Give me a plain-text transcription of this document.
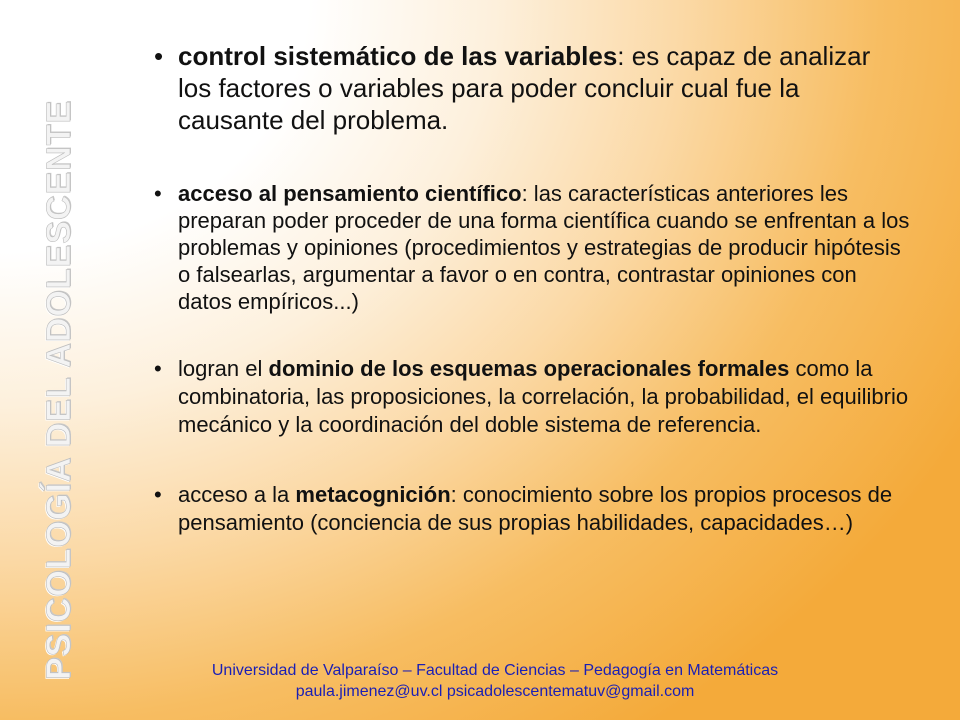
PSICOLOGÍA DEL ADOLESCENTE
• control sistemático de las variables: es capaz de analizar los factores o variables para poder concluir cual fue la causante del problema.
• acceso al pensamiento científico: las características anteriores les preparan poder proceder de una forma científica cuando se enfrentan a los problemas y opiniones (procedimientos y estrategias de producir hipótesis o falsearlas, argumentar a favor o en contra, contrastar opiniones con datos empíricos...)
• logran el dominio de los esquemas operacionales formales como la combinatoria, las proposiciones, la correlación, la probabilidad, el equilibrio mecánico y la coordinación del doble sistema de referencia.
• acceso a la metacognición: conocimiento sobre los propios procesos de pensamiento (conciencia de sus propias habilidades, capacidades…)
Universidad de Valparaíso – Facultad de Ciencias – Pedagogía en Matemáticas
paula.jimenez@uv.cl psicadolescentematuv@gmail.com
